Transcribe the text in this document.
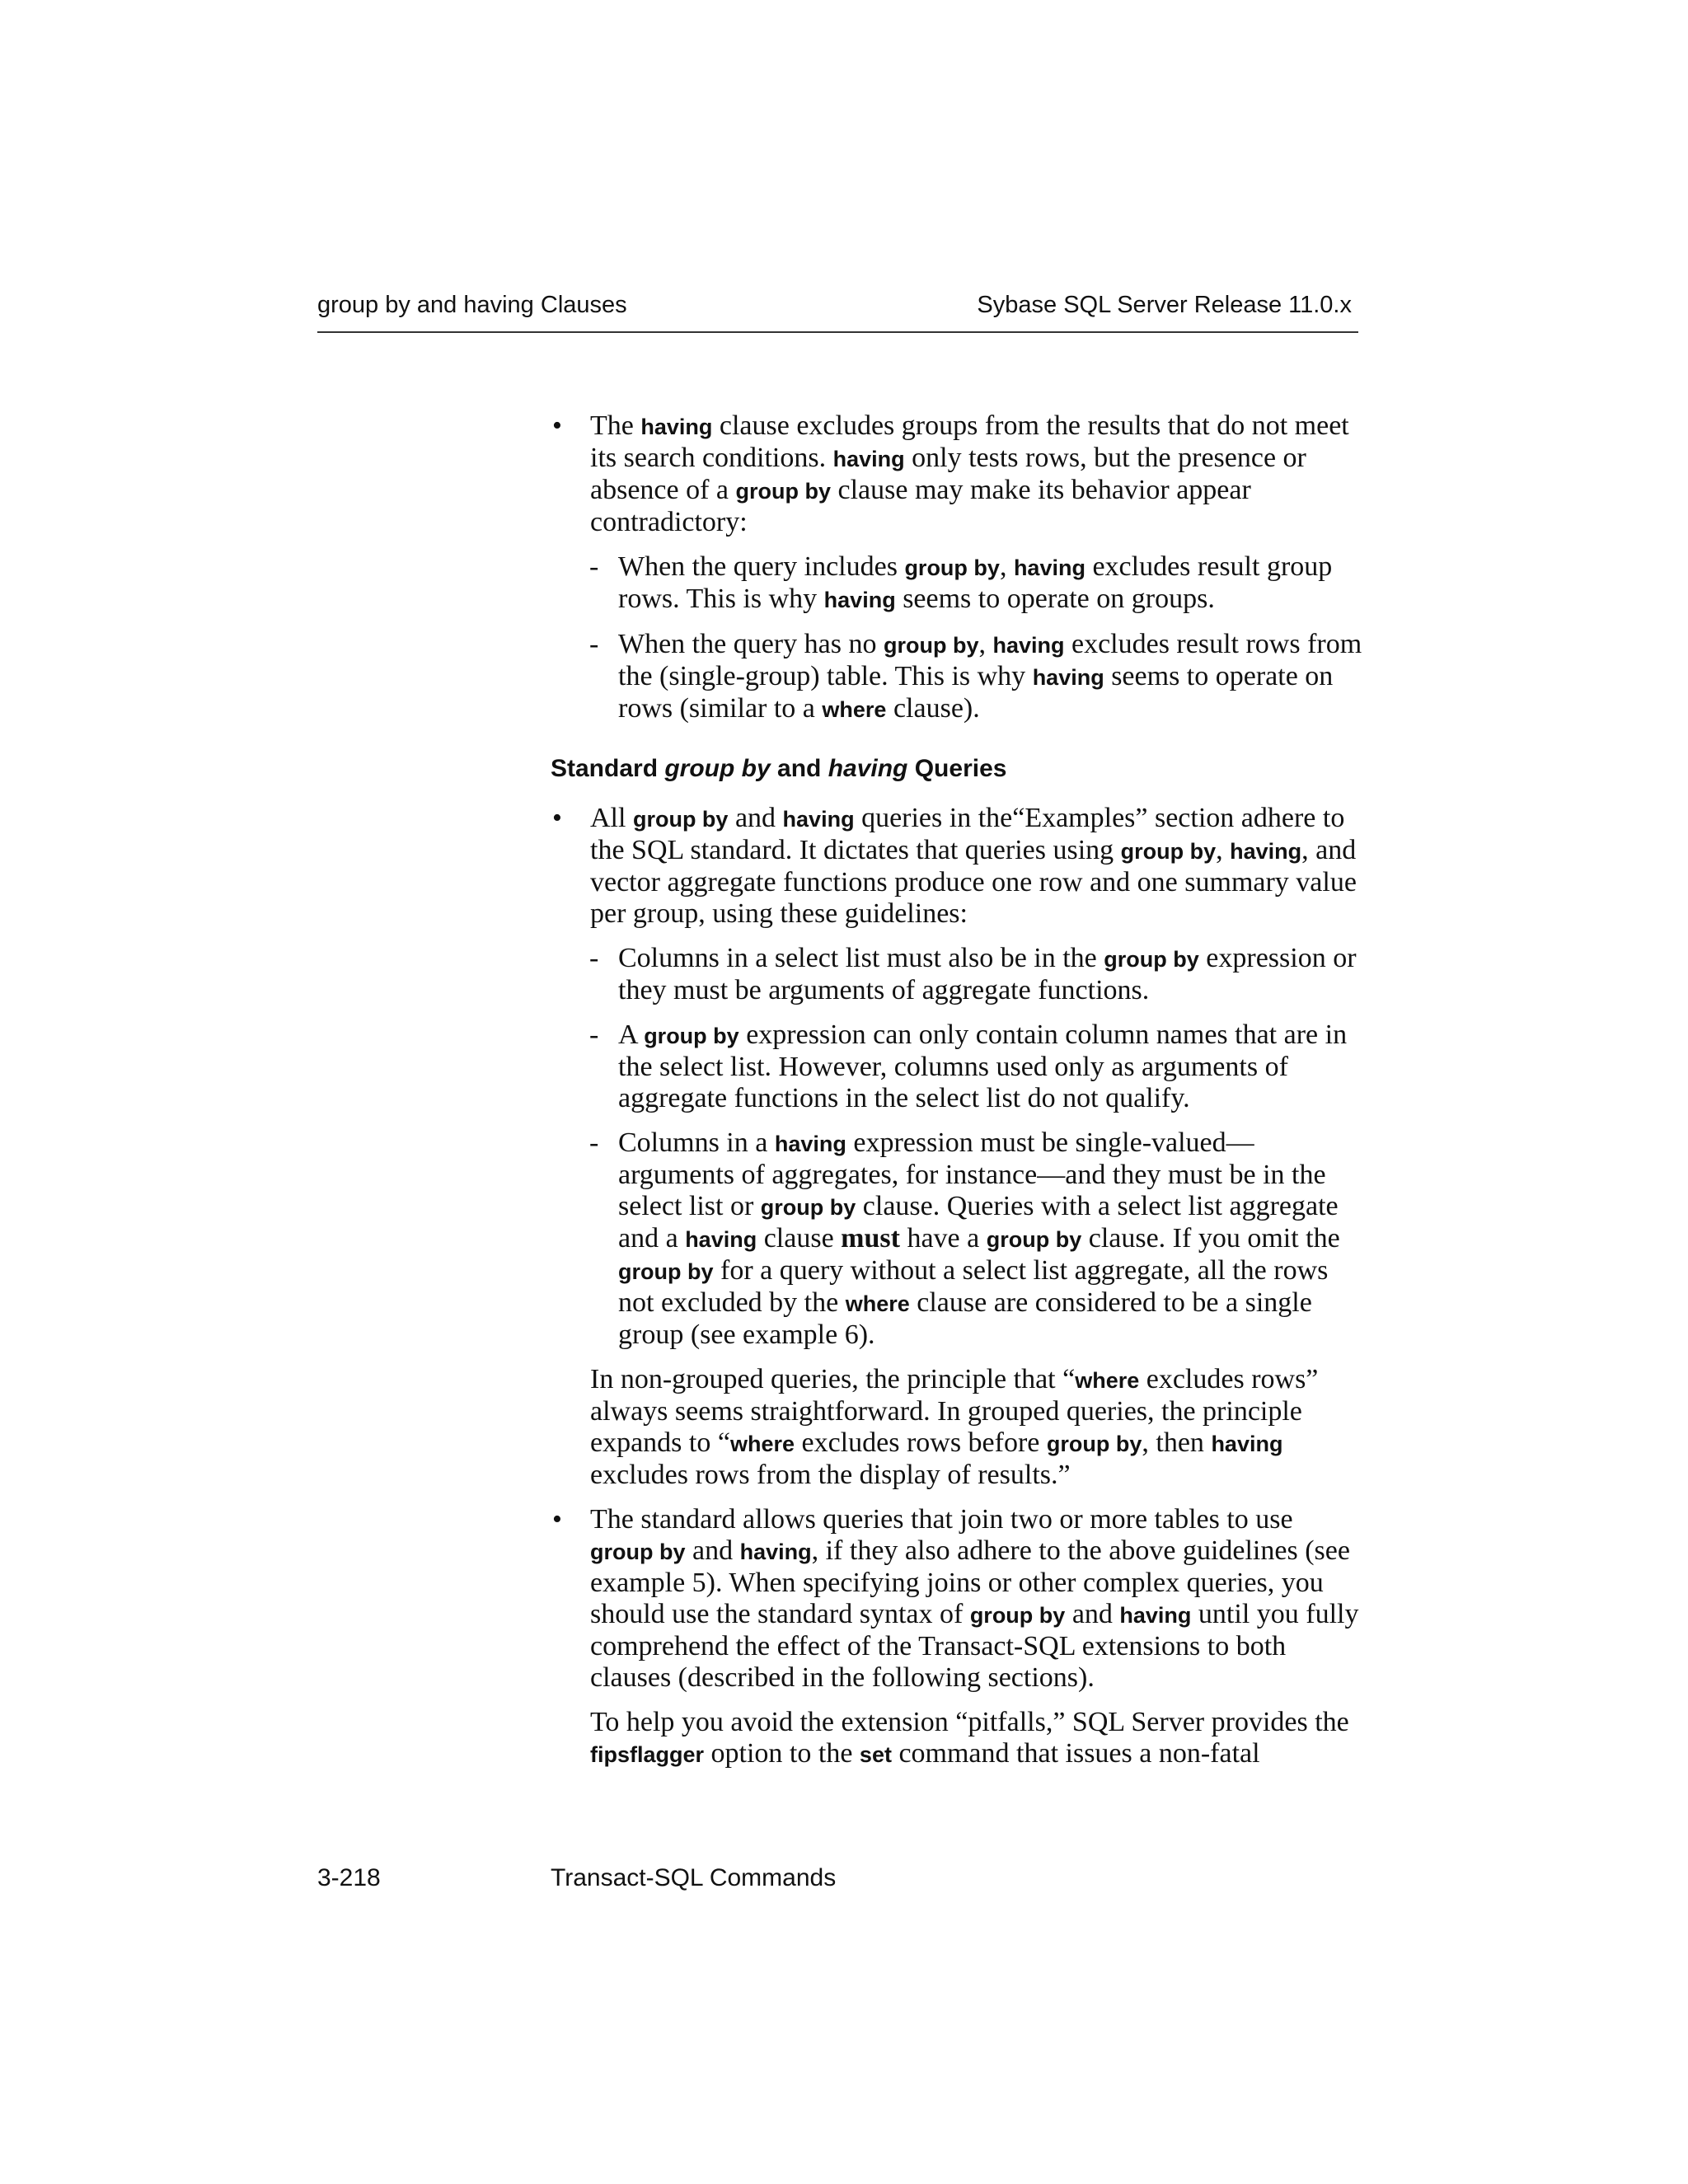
group by and having Clauses	Sybase SQL Server Release 11.0.x
• The having clause excludes groups from the results that do not meet its search conditions. having only tests rows, but the presence or absence of a group by clause may make its behavior appear contradictory:
- When the query includes group by, having excludes result group rows. This is why having seems to operate on groups.
- When the query has no group by, having excludes result rows from the (single-group) table. This is why having seems to operate on rows (similar to a where clause).
Standard group by and having Queries
• All group by and having queries in the“Examples” section adhere to the SQL standard. It dictates that queries using group by, having, and vector aggregate functions produce one row and one summary value per group, using these guidelines:
- Columns in a select list must also be in the group by expression or they must be arguments of aggregate functions.
- A group by expression can only contain column names that are in the select list. However, columns used only as arguments of aggregate functions in the select list do not qualify.
- Columns in a having expression must be single-valued—arguments of aggregates, for instance—and they must be in the select list or group by clause. Queries with a select list aggregate and a having clause must have a group by clause. If you omit the group by for a query without a select list aggregate, all the rows not excluded by the where clause are considered to be a single group (see example 6).
In non-grouped queries, the principle that “where excludes rows” always seems straightforward. In grouped queries, the principle expands to “where excludes rows before group by, then having excludes rows from the display of results.”
• The standard allows queries that join two or more tables to use group by and having, if they also adhere to the above guidelines (see example 5). When specifying joins or other complex queries, you should use the standard syntax of group by and having until you fully comprehend the effect of the Transact-SQL extensions to both clauses (described in the following sections).
To help you avoid the extension “pitfalls,” SQL Server provides the fipsflagger option to the set command that issues a non-fatal
3-218	Transact-SQL Commands
